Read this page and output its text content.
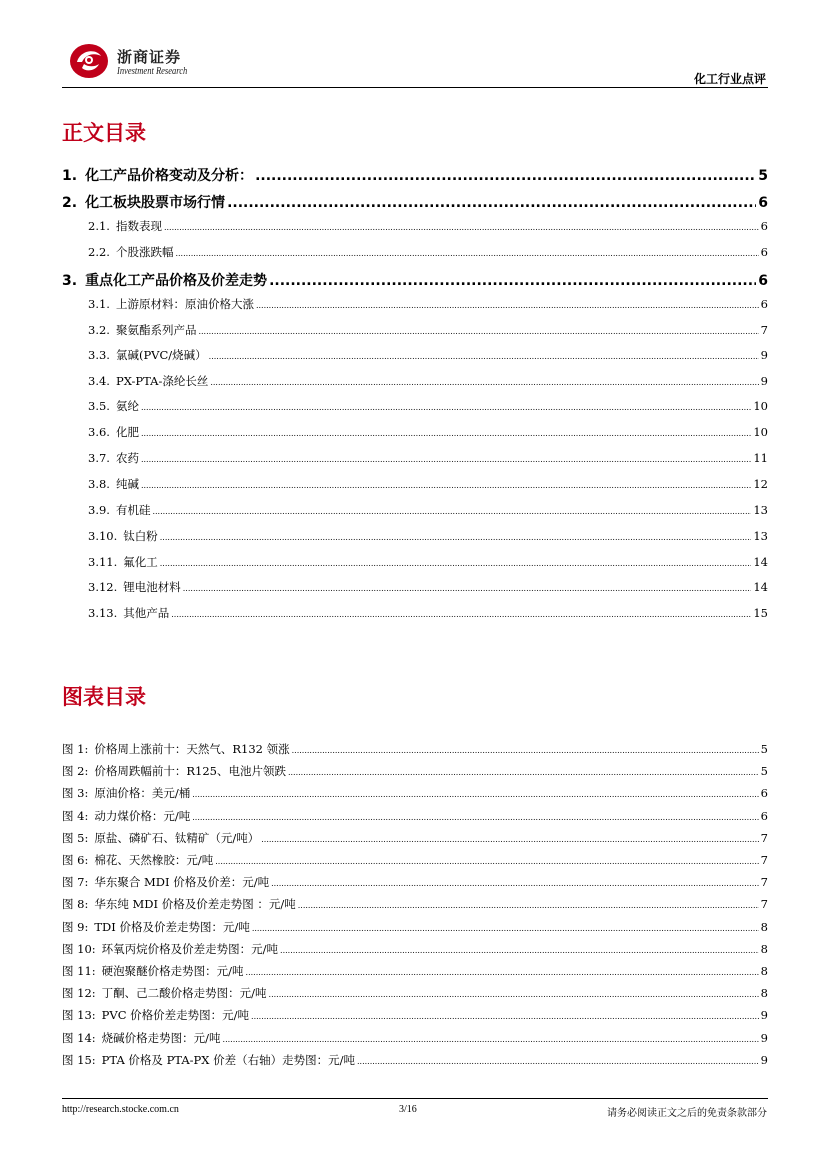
浙商证券
Investment Research
化工行业点评
正文目录
1. 化工产品价格变动及分析： .....	5
2. 化工板块股票市场行情 .....	6
2.1. 指数表现 .....	6
2.2. 个股涨跌幅 .....	6
3. 重点化工产品价格及价差走势 .....	6
3.1. 上游原材料：原油价格大涨 .....	6
3.2. 聚氨酯系列产品 .....	7
3.3. 氯碱(PVC/烧碱） .....	9
3.4. PX-PTA-涤纶长丝 .....	9
3.5. 氨纶 .....	10
3.6. 化肥 .....	10
3.7. 农药 .....	11
3.8. 纯碱 .....	12
3.9. 有机硅 .....	13
3.10. 钛白粉 .....	13
3.11. 氟化工 .....	14
3.12. 锂电池材料 .....	14
3.13. 其他产品 .....	15
图表目录
图 1: 价格周上涨前十：天然气、R132 领涨 .....	5
图 2: 价格周跌幅前十：R125、电池片领跌 .....	5
图 3: 原油价格：美元/桶 .....	6
图 4: 动力煤价格：元/吨 .....	6
图 5: 原盐、磷矿石、钛精矿（元/吨） .....	7
图 6: 棉花、天然橡胶：元/吨 .....	7
图 7: 华东聚合 MDI 价格及价差：元/吨 .....	7
图 8: 华东纯 MDI 价格及价差走势图 ：元/吨 .....	7
图 9: TDI 价格及价差走势图：元/吨 .....	8
图 10: 环氧丙烷价格及价差走势图：元/吨 .....	8
图 11: 硬泡聚醚价格走势图：元/吨 .....	8
图 12: 丁酮、己二酸价格走势图：元/吨 .....	8
图 13: PVC 价格价差走势图：元/吨 .....	9
图 14: 烧碱价格走势图：元/吨 .....	9
图 15: PTA 价格及 PTA-PX 价差（右轴）走势图：元/吨 .....	9
http://research.stocke.com.cn	3/16	请务必阅读正文之后的免责条款部分
